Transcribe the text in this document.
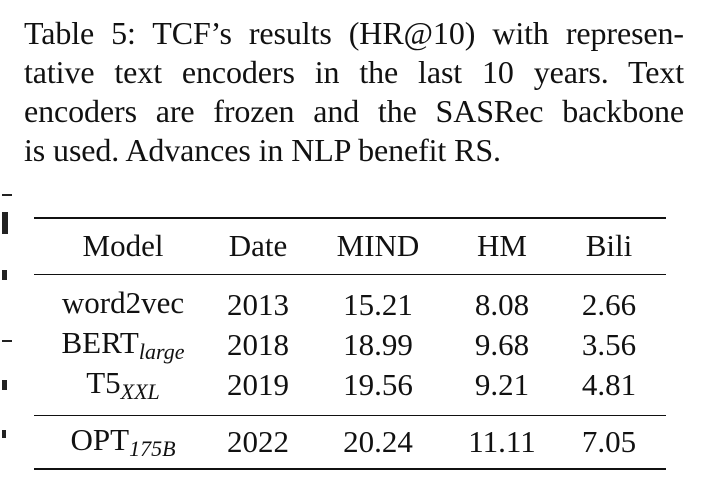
Table 5: TCF’s results (HR@10) with represen-
tative text encoders in the last 10 years. Text
encoders are frozen and the SASRec backbone
is used. Advances in NLP benefit RS.
Model	Date	MIND	HM	Bili
word2vec	2013	15.21	8.08	2.66
$BERT_{large}$	2018	18.99	9.68	3.56
$T5_{XXL}$	2019	19.56	9.21	4.81
$OPT_{175B}$	2022	20.24	11.11	7.05
